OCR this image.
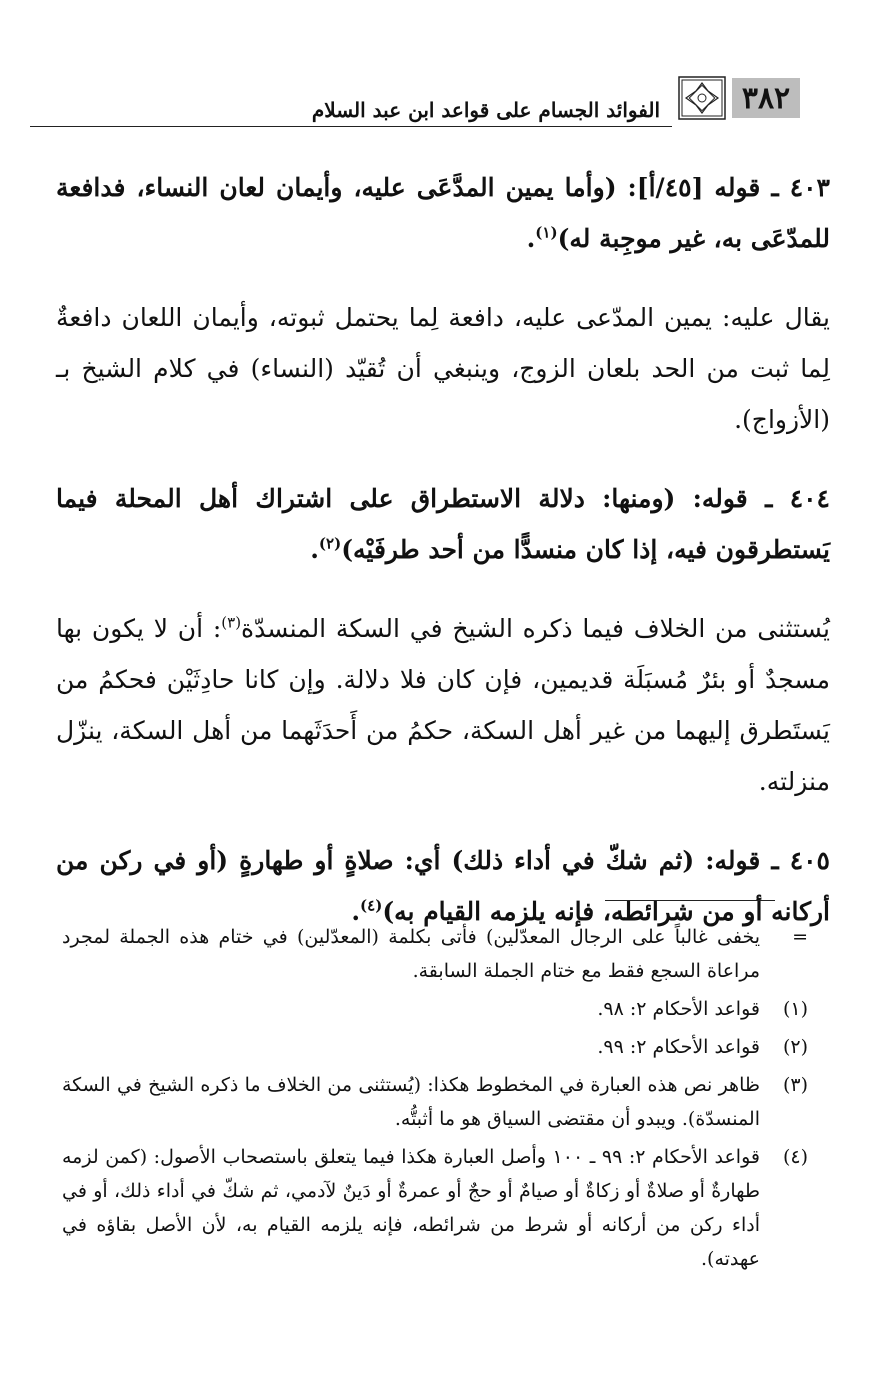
٣٨٢
الفوائد الجسام على قواعد ابن عبد السلام

٤٠٣ ـ قوله [٤٥/أ]: (وأما يمين المدَّعَى عليه، وأيمان لعان النساء، فدافعة للمدّعَى به، غير موجِبة له)$^{(١)}$.

يقال عليه: يمين المدّعى عليه، دافعة لِما يحتمل ثبوته، وأيمان اللعان دافعةٌ لِما ثبت من الحد بلعان الزوج، وينبغي أن تُقيّد (النساء) في كلام الشيخ بـ (الأزواج).

٤٠٤ ـ قوله: (ومنها: دلالة الاستطراق على اشتراك أهل المحلة فيما يَستطرقون فيه، إذا كان منسدًّا من أحد طرفَيْه)$^{(٢)}$.

يُستثنى من الخلاف فيما ذكره الشيخ في السكة المنسدّة$^{(٣)}$: أن لا يكون بها مسجدٌ أو بئرٌ مُسبَلَة قديمين، فإن كان فلا دلالة. وإن كانا حادِثَيْن فحكمُ من يَستَطرق إليهما من غير أهل السكة، حكمُ من أَحدَثَهما من أهل السكة، ينزّل منزلته.

٤٠٥ ـ قوله: (ثم شكّ في أداء ذلك) أي: صلاةٍ أو طهارةٍ (أو في ركن من أركانه أو من شرائطه، فإنه يلزمه القيام به)$^{(٤)}$.

=
يخفى غالباً على الرجال المعدّلين) فأتى بكلمة (المعدّلين) في ختام هذه الجملة لمجرد مراعاة السجع فقط مع ختام الجملة السابقة.
(١)
قواعد الأحكام ٢: ٩٨.
(٢)
قواعد الأحكام ٢: ٩٩.
(٣)
ظاهر نص هذه العبارة في المخطوط هكذا: (يُستثنى من الخلاف ما ذكره الشيخ في السكة المنسدّة). ويبدو أن مقتضى السياق هو ما أثبتُّه.
(٤)
قواعد الأحكام ٢: ٩٩ ـ ١٠٠ وأصل العبارة هكذا فيما يتعلق باستصحاب الأصول: (كمن لزمه طهارةٌ أو صلاةٌ أو زكاةٌ أو صيامٌ أو حجٌ أو عمرةٌ أو دَينٌ لآدمي، ثم شكّ في أداء ذلك، أو في أداء ركن من أركانه أو شرط من شرائطه، فإنه يلزمه القيام به، لأن الأصل بقاؤه في عهدته).
